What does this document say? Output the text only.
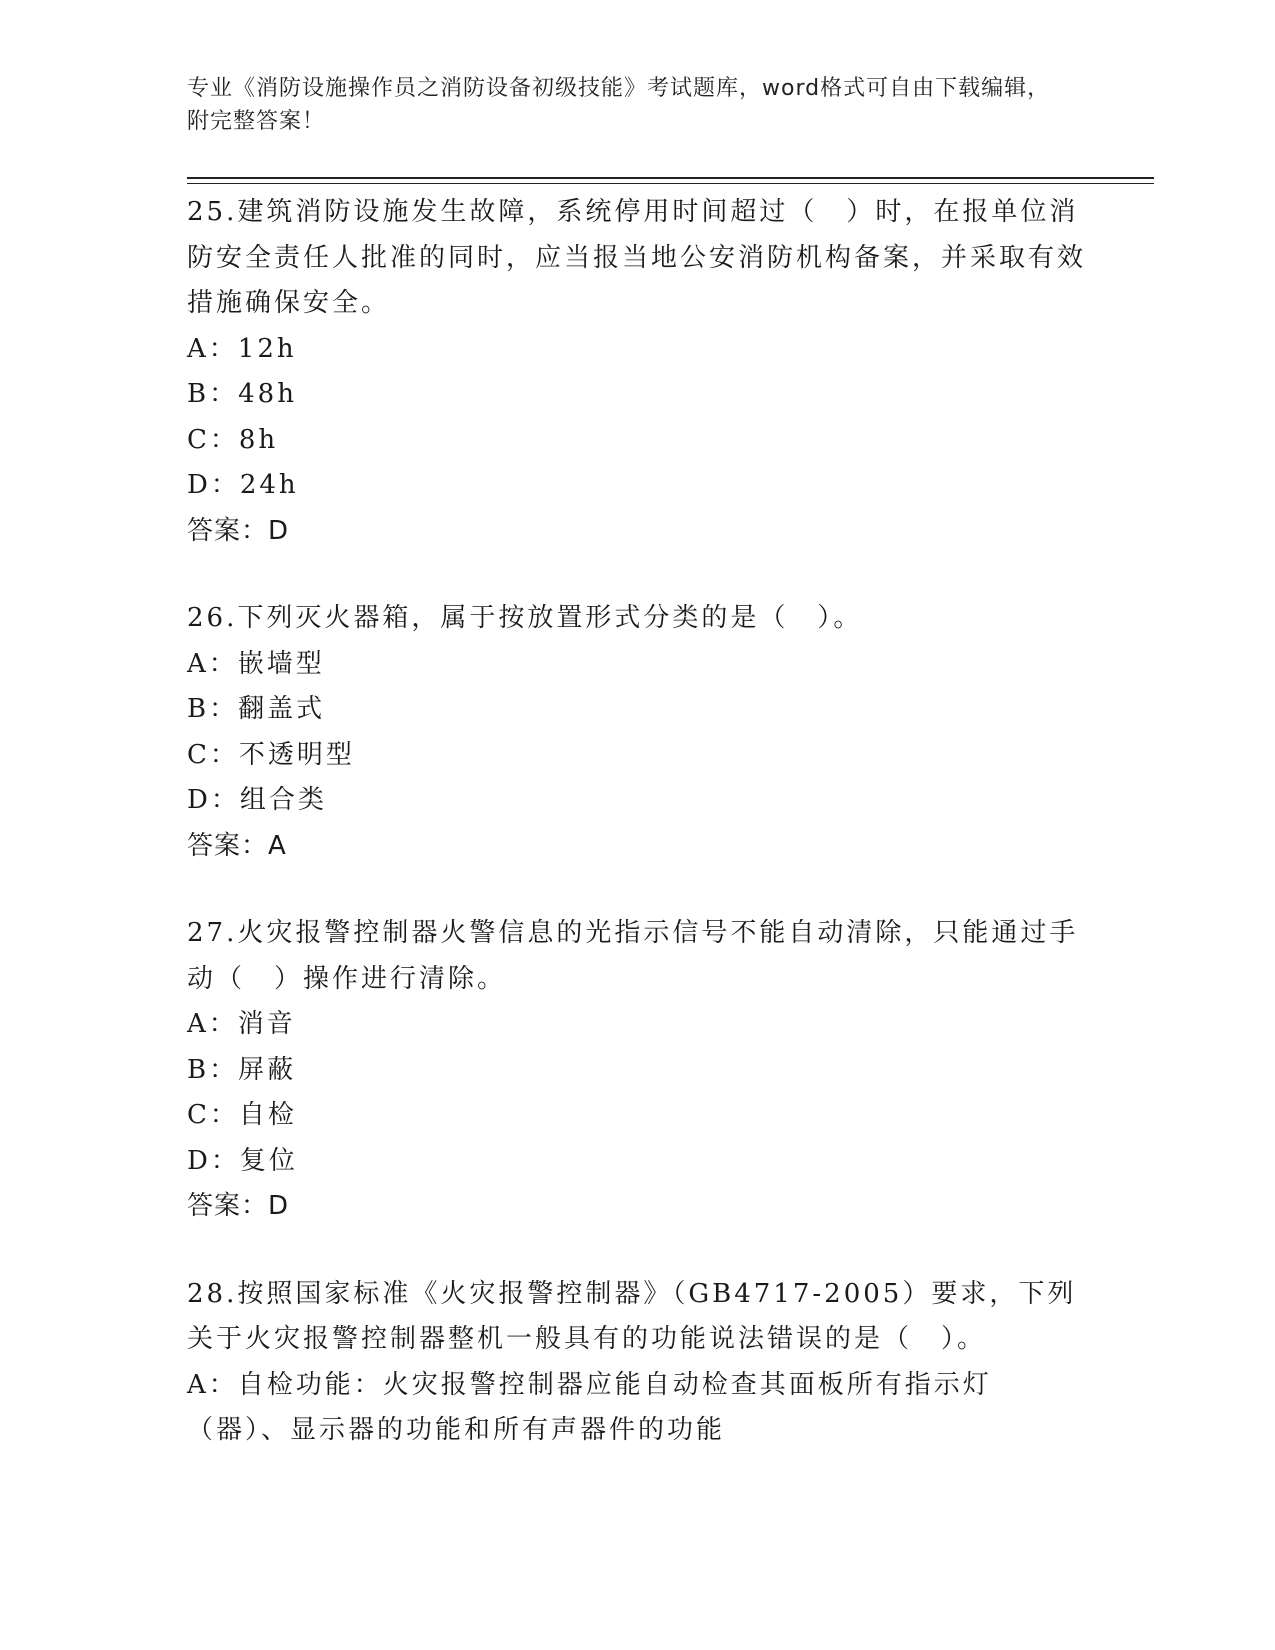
专业《消防设施操作员之消防设备初级技能》考试题库，word格式可自由下载编辑，附完整答案！

25.建筑消防设施发生故障，系统停用时间超过（　）时，在报单位消防安全责任人批准的同时，应当报当地公安消防机构备案，并采取有效措施确保安全。

A：12h

B：48h

C：8h

D：24h

答案：D

26.下列灭火器箱，属于按放置形式分类的是（　）。

A：嵌墙型

B：翻盖式

C：不透明型

D：组合类

答案：A

27.火灾报警控制器火警信息的光指示信号不能自动清除，只能通过手动（　）操作进行清除。

A：消音

B：屏蔽

C：自检

D：复位

答案：D

28.按照国家标准《火灾报警控制器》（GB4717-2005）要求，下列关于火灾报警控制器整机一般具有的功能说法错误的是（　）。

A：自检功能：火灾报警控制器应能自动检查其面板所有指示灯（器）、显示器的功能和所有声器件的功能
